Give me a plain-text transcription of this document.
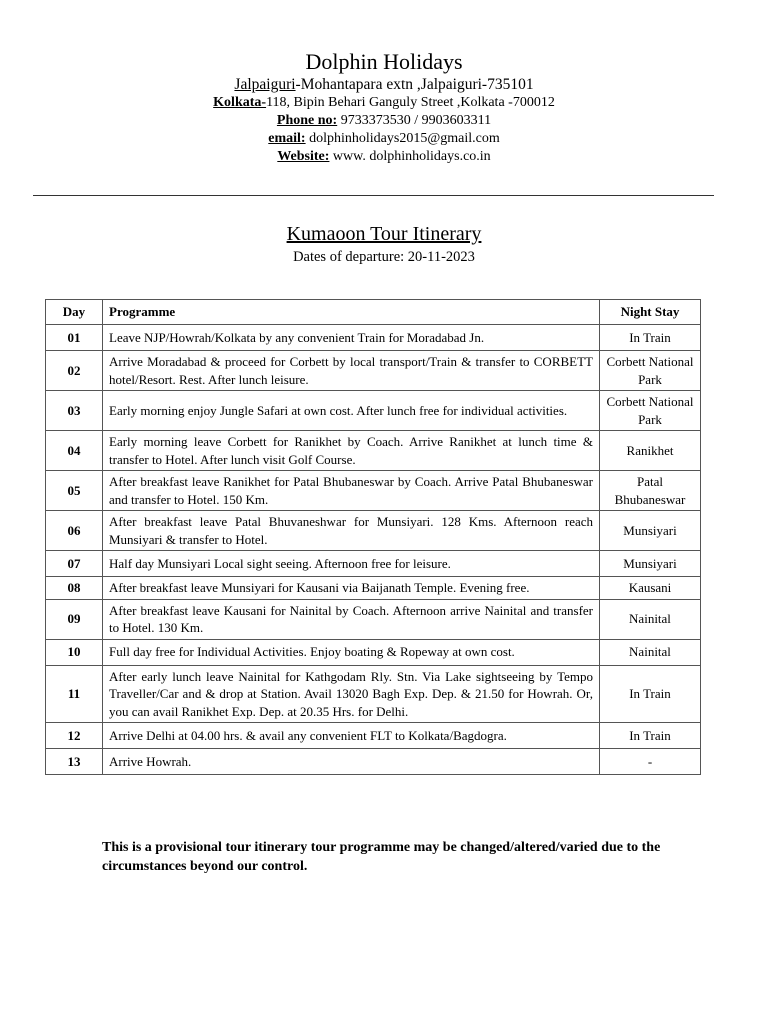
Dolphin Holidays
Jalpaiguri-Mohantapara extn ,Jalpaiguri-735101
Kolkata-118, Bipin Behari Ganguly Street ,Kolkata -700012
Phone no: 9733373530 / 9903603311
email: dolphinholidays2015@gmail.com
Website: www. dolphinholidays.co.in
Kumaoon Tour Itinerary
Dates of departure: 20-11-2023
Day	Programme	Night Stay
01	Leave NJP/Howrah/Kolkata by any convenient Train for Moradabad Jn.	In Train
02	Arrive Moradabad & proceed for Corbett by local transport/Train & transfer to CORBETT hotel/Resort. Rest. After lunch leisure.	Corbett National Park
03	Early morning enjoy Jungle Safari at own cost. After lunch free for individual activities.	Corbett National Park
04	Early morning leave Corbett for Ranikhet by Coach. Arrive Ranikhet at lunch time & transfer to Hotel. After lunch visit Golf Course.	Ranikhet
05	After breakfast leave Ranikhet for Patal Bhubaneswar by Coach. Arrive Patal Bhubaneswar and transfer to Hotel. 150 Km.	Patal Bhubaneswar
06	After breakfast leave Patal Bhuvaneshwar for Munsiyari. 128 Kms. Afternoon reach Munsiyari & transfer to Hotel.	Munsiyari
07	Half day Munsiyari Local sight seeing. Afternoon free for leisure.	Munsiyari
08	After breakfast leave Munsiyari for Kausani via Baijanath Temple. Evening free.	Kausani
09	After breakfast leave Kausani for Nainital by Coach. Afternoon arrive Nainital and transfer to Hotel. 130 Km.	Nainital
10	Full day free for Individual Activities. Enjoy boating & Ropeway at own cost.	Nainital
11	After early lunch leave Nainital for Kathgodam Rly. Stn. Via Lake sightseeing by Tempo Traveller/Car and & drop at Station. Avail 13020 Bagh Exp. Dep. & 21.50 for Howrah. Or, you can avail Ranikhet Exp. Dep. at 20.35 Hrs. for Delhi.	In Train
12	Arrive Delhi at 04.00 hrs. & avail any convenient FLT to Kolkata/Bagdogra.	In Train
13	Arrive Howrah.	-
This is a provisional tour itinerary tour programme may be changed/altered/varied due to the circumstances beyond our control.
